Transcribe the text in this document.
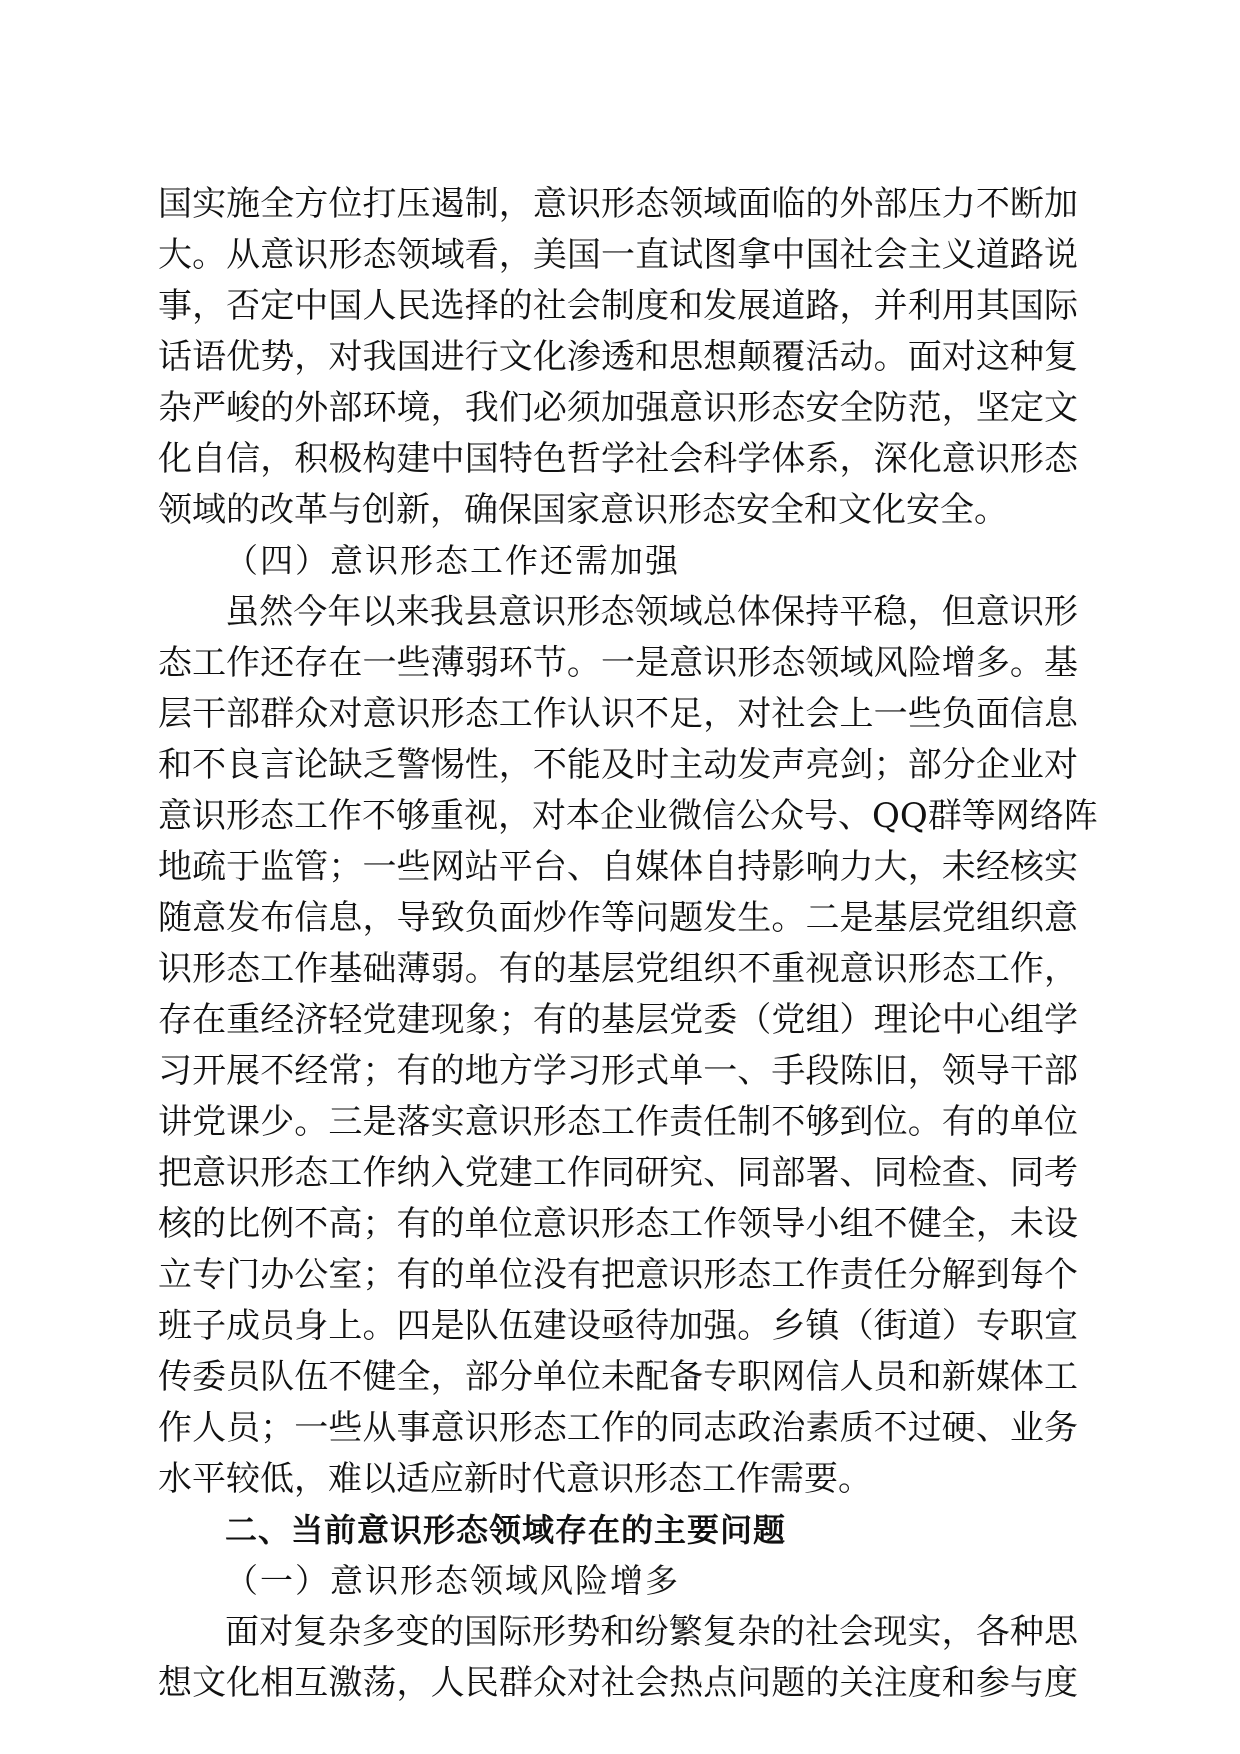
国实施全方位打压遏制，意识形态领域面临的外部压力不断加
大。从意识形态领域看，美国一直试图拿中国社会主义道路说
事，否定中国人民选择的社会制度和发展道路，并利用其国际
话语优势，对我国进行文化渗透和思想颠覆活动。面对这种复
杂严峻的外部环境，我们必须加强意识形态安全防范，坚定文
化自信，积极构建中国特色哲学社会科学体系，深化意识形态
领域的改革与创新，确保国家意识形态安全和文化安全。
（四）意识形态工作还需加强
虽然今年以来我县意识形态领域总体保持平稳，但意识形
态工作还存在一些薄弱环节。一是意识形态领域风险增多。基
层干部群众对意识形态工作认识不足，对社会上一些负面信息
和不良言论缺乏警惕性，不能及时主动发声亮剑；部分企业对
意识形态工作不够重视，对本企业微信公众号、QQ群等网络阵
地疏于监管；一些网站平台、自媒体自持影响力大，未经核实
随意发布信息，导致负面炒作等问题发生。二是基层党组织意
识形态工作基础薄弱。有的基层党组织不重视意识形态工作，
存在重经济轻党建现象；有的基层党委（党组）理论中心组学
习开展不经常；有的地方学习形式单一、手段陈旧，领导干部
讲党课少。三是落实意识形态工作责任制不够到位。有的单位
把意识形态工作纳入党建工作同研究、同部署、同检查、同考
核的比例不高；有的单位意识形态工作领导小组不健全，未设
立专门办公室；有的单位没有把意识形态工作责任分解到每个
班子成员身上。四是队伍建设亟待加强。乡镇（街道）专职宣
传委员队伍不健全，部分单位未配备专职网信人员和新媒体工
作人员；一些从事意识形态工作的同志政治素质不过硬、业务
水平较低，难以适应新时代意识形态工作需要。
二、当前意识形态领域存在的主要问题
（一）意识形态领域风险增多
面对复杂多变的国际形势和纷繁复杂的社会现实，各种思
想文化相互激荡，人民群众对社会热点问题的关注度和参与度
